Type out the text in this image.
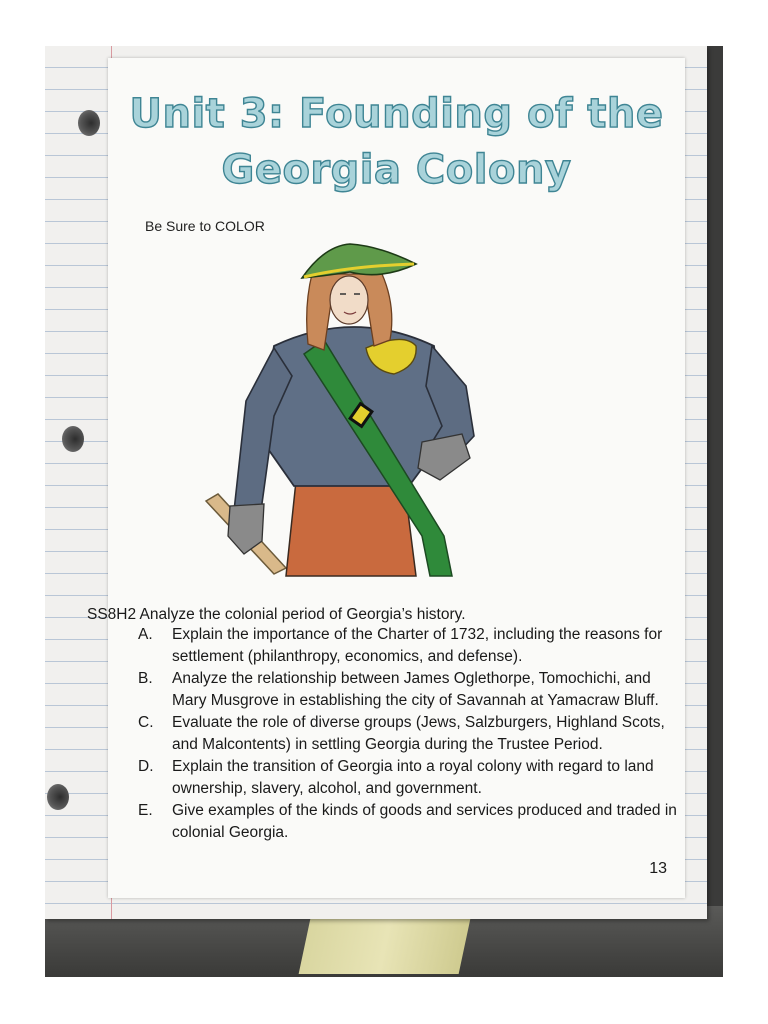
Unit 3: Founding of the
Georgia Colony
Be Sure to COLOR

SS8H2 Analyze the colonial period of Georgia’s history.

A. Explain the importance of the Charter of 1732, including the reasons for settlement (philanthropy, economics, and defense).
B. Analyze the relationship between James Oglethorpe, Tomochichi, and Mary Musgrove in establishing the city of Savannah at Yamacraw Bluff.
C. Evaluate the role of diverse groups (Jews, Salzburgers, Highland Scots, and Malcontents) in settling Georgia during the Trustee Period.
D. Explain the transition of Georgia into a royal colony with regard to land ownership, slavery, alcohol, and government.
E. Give examples of the kinds of goods and services produced and traded in colonial Georgia.
13
